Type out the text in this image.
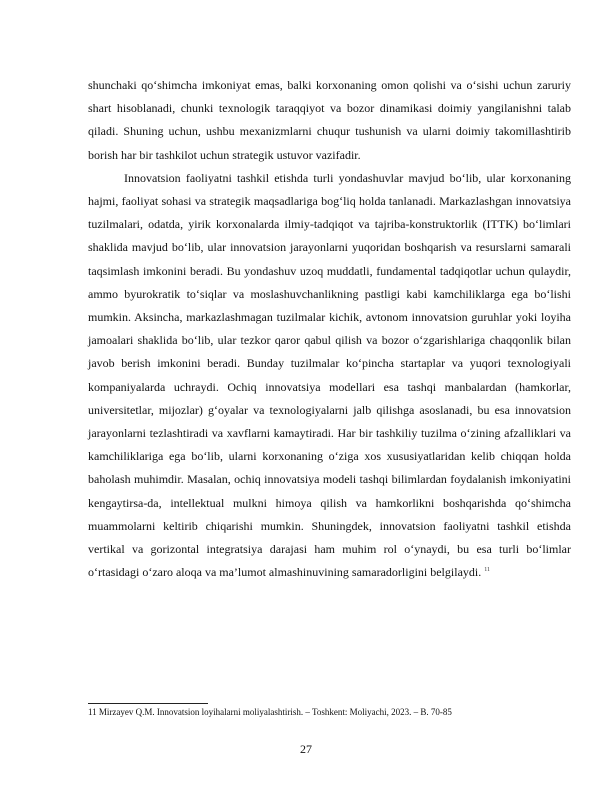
shunchaki qo‘shimcha imkoniyat emas, balki korxonaning omon qolishi va o‘sishi uchun zaruriy shart hisoblanadi, chunki texnologik taraqqiyot va bozor dinamikasi doimiy yangilanishni talab qiladi. Shuning uchun, ushbu mexanizmlarni chuqur tushunish va ularni doimiy takomillashtirib borish har bir tashkilot uchun strategik ustuvor vazifadir.

Innovatsion faoliyatni tashkil etishda turli yondashuvlar mavjud bo‘lib, ular korxonaning hajmi, faoliyat sohasi va strategik maqsadlariga bog‘liq holda tanlanadi. Markazlashgan innovatsiya tuzilmalari, odatda, yirik korxonalarda ilmiy-tadqiqot va tajriba-konstruktorlik (ITTK) bo‘limlari shaklida mavjud bo‘lib, ular innovatsion jarayonlarni yuqoridan boshqarish va resurslarni samarali taqsimlash imkonini beradi. Bu yondashuv uzoq muddatli, fundamental tadqiqotlar uchun qulaydir, ammo byurokratik to‘siqlar va moslashuvchanlikning pastligi kabi kamchiliklarga ega bo‘lishi mumkin. Aksincha, markazlashmagan tuzilmalar kichik, avtonom innovatsion guruhlar yoki loyiha jamoalari shaklida bo‘lib, ular tezkor qaror qabul qilish va bozor o‘zgarishlariga chaqqonlik bilan javob berish imkonini beradi. Bunday tuzilmalar ko‘pincha startaplar va yuqori texnologiyali kompaniyalarda uchraydi. Ochiq innovatsiya modellari esa tashqi manbalardan (hamkorlar, universitetlar, mijozlar) g‘oyalar va texnologiyalarni jalb qilishga asoslanadi, bu esa innovatsion jarayonlarni tezlashtiradi va xavflarni kamaytiradi. Har bir tashkiliy tuzilma o‘zining afzalliklari va kamchiliklariga ega bo‘lib, ularni korxonaning o‘ziga xos xususiyatlaridan kelib chiqqan holda baholash muhimdir. Masalan, ochiq innovatsiya modeli tashqi bilimlardan foydalanish imkoniyatini kengaytirsa-da, intellektual mulkni himoya qilish va hamkorlikni boshqarishda qo‘shimcha muammolarni keltirib chiqarishi mumkin. Shuningdek, innovatsion faoliyatni tashkil etishda vertikal va gorizontal integratsiya darajasi ham muhim rol o‘ynaydi, bu esa turli bo‘limlar o‘rtasidagi o‘zaro aloqa va ma’lumot almashinuvining samaradorligini belgilaydi. $^{11}$

11 Mirzayev Q.M. Innovatsion loyihalarni moliyalashtirish. – Toshkent: Moliyachi, 2023. – B. 70-85
27
